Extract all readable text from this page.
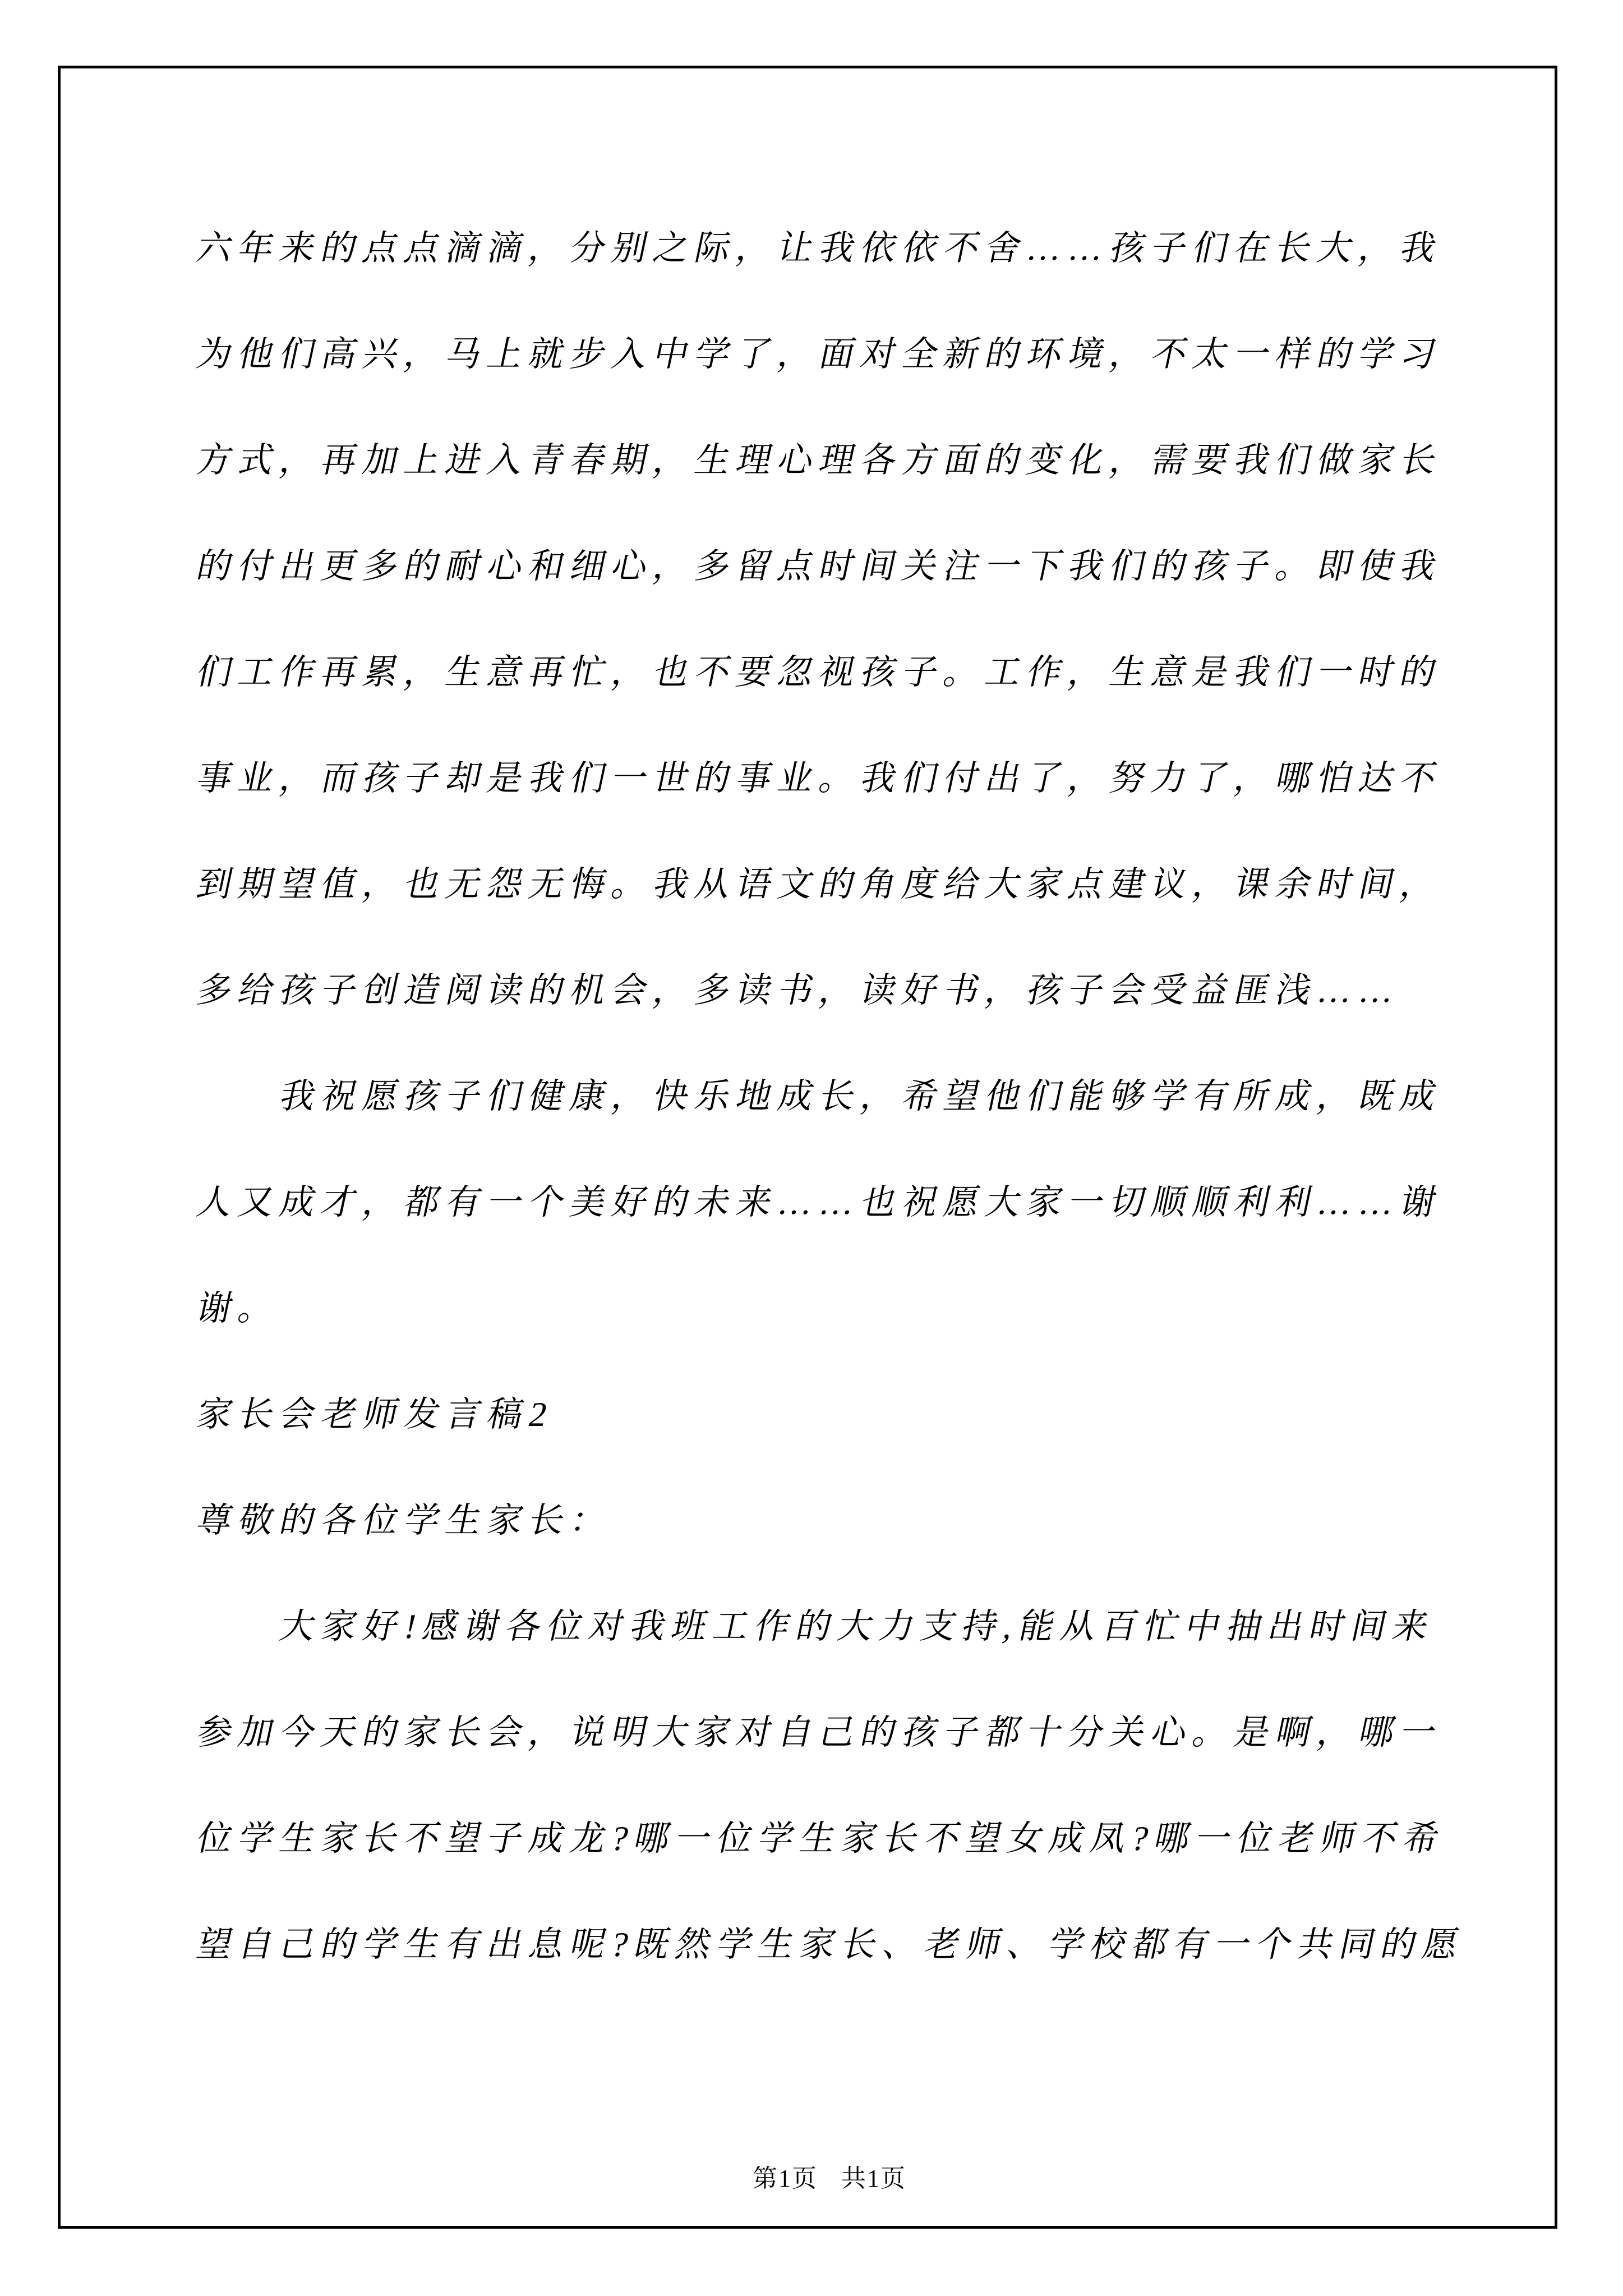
六年来的点点滴滴，分别之际，让我依依不舍……孩子们在长大，我
为他们高兴，马上就步入中学了，面对全新的环境，不太一样的学习
方式，再加上进入青春期，生理心理各方面的变化，需要我们做家长
的付出更多的耐心和细心，多留点时间关注一下我们的孩子。即使我
们工作再累，生意再忙，也不要忽视孩子。工作，生意是我们一时的
事业，而孩子却是我们一世的事业。我们付出了，努力了，哪怕达不
到期望值，也无怨无悔。我从语文的角度给大家点建议，课余时间，
多给孩子创造阅读的机会，多读书，读好书，孩子会受益匪浅……
我祝愿孩子们健康，快乐地成长，希望他们能够学有所成，既成
人又成才，都有一个美好的未来……也祝愿大家一切顺顺利利……谢
谢。
家长会老师发言稿2
尊敬的各位学生家长：
大家好!感谢各位对我班工作的大力支持,能从百忙中抽出时间来
参加今天的家长会，说明大家对自己的孩子都十分关心。是啊，哪一
位学生家长不望子成龙?哪一位学生家长不望女成凤?哪一位老师不希
望自己的学生有出息呢?既然学生家长、老师、学校都有一个共同的愿

第1页 共1页
